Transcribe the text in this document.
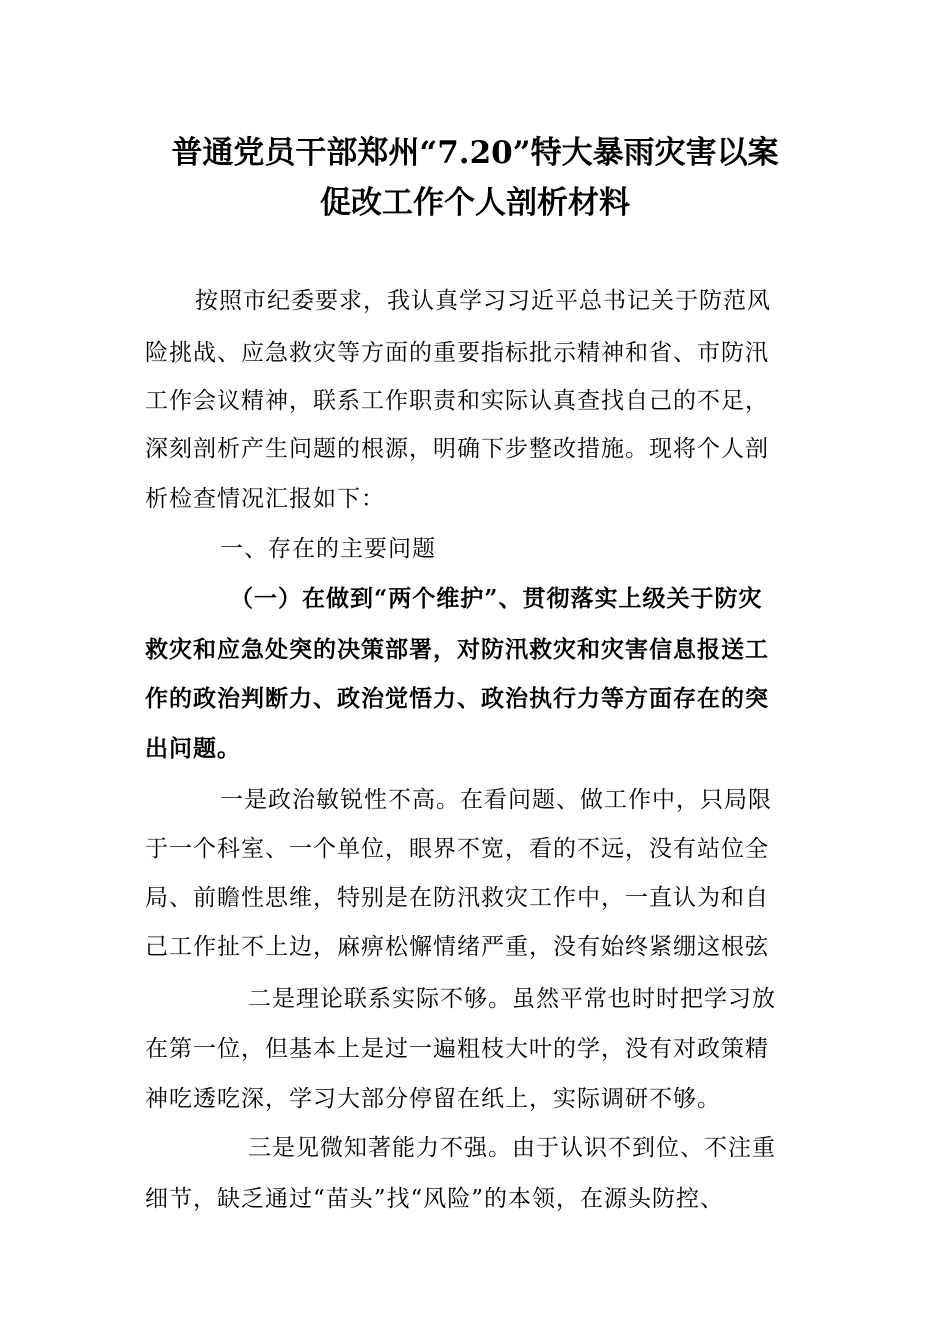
普通党员干部郑州“7.20”特大暴雨灾害以案
促改工作个人剖析材料
按照市纪委要求，我认真学习习近平总书记关于防范风
险挑战、应急救灾等方面的重要指标批示精神和省、市防汛
工作会议精神，联系工作职责和实际认真查找自己的不足，
深刻剖析产生问题的根源，明确下步整改措施。现将个人剖
析检查情况汇报如下：
一、存在的主要问题
（一）在做到“两个维护”、贯彻落实上级关于防灾
救灾和应急处突的决策部署，对防汛救灾和灾害信息报送工
作的政治判断力、政治觉悟力、政治执行力等方面存在的突
出问题。
一是政治敏锐性不高。在看问题、做工作中，只局限
于一个科室、一个单位，眼界不宽，看的不远，没有站位全
局、前瞻性思维，特别是在防汛救灾工作中，一直认为和自
己工作扯不上边，麻痹松懈情绪严重，没有始终紧绷这根弦
二是理论联系实际不够。虽然平常也时时把学习放
在第一位，但基本上是过一遍粗枝大叶的学，没有对政策精
神吃透吃深，学习大部分停留在纸上，实际调研不够。
三是见微知著能力不强。由于认识不到位、不注重
细节，缺乏通过“苗头”找“风险”的本领，在源头防控、
